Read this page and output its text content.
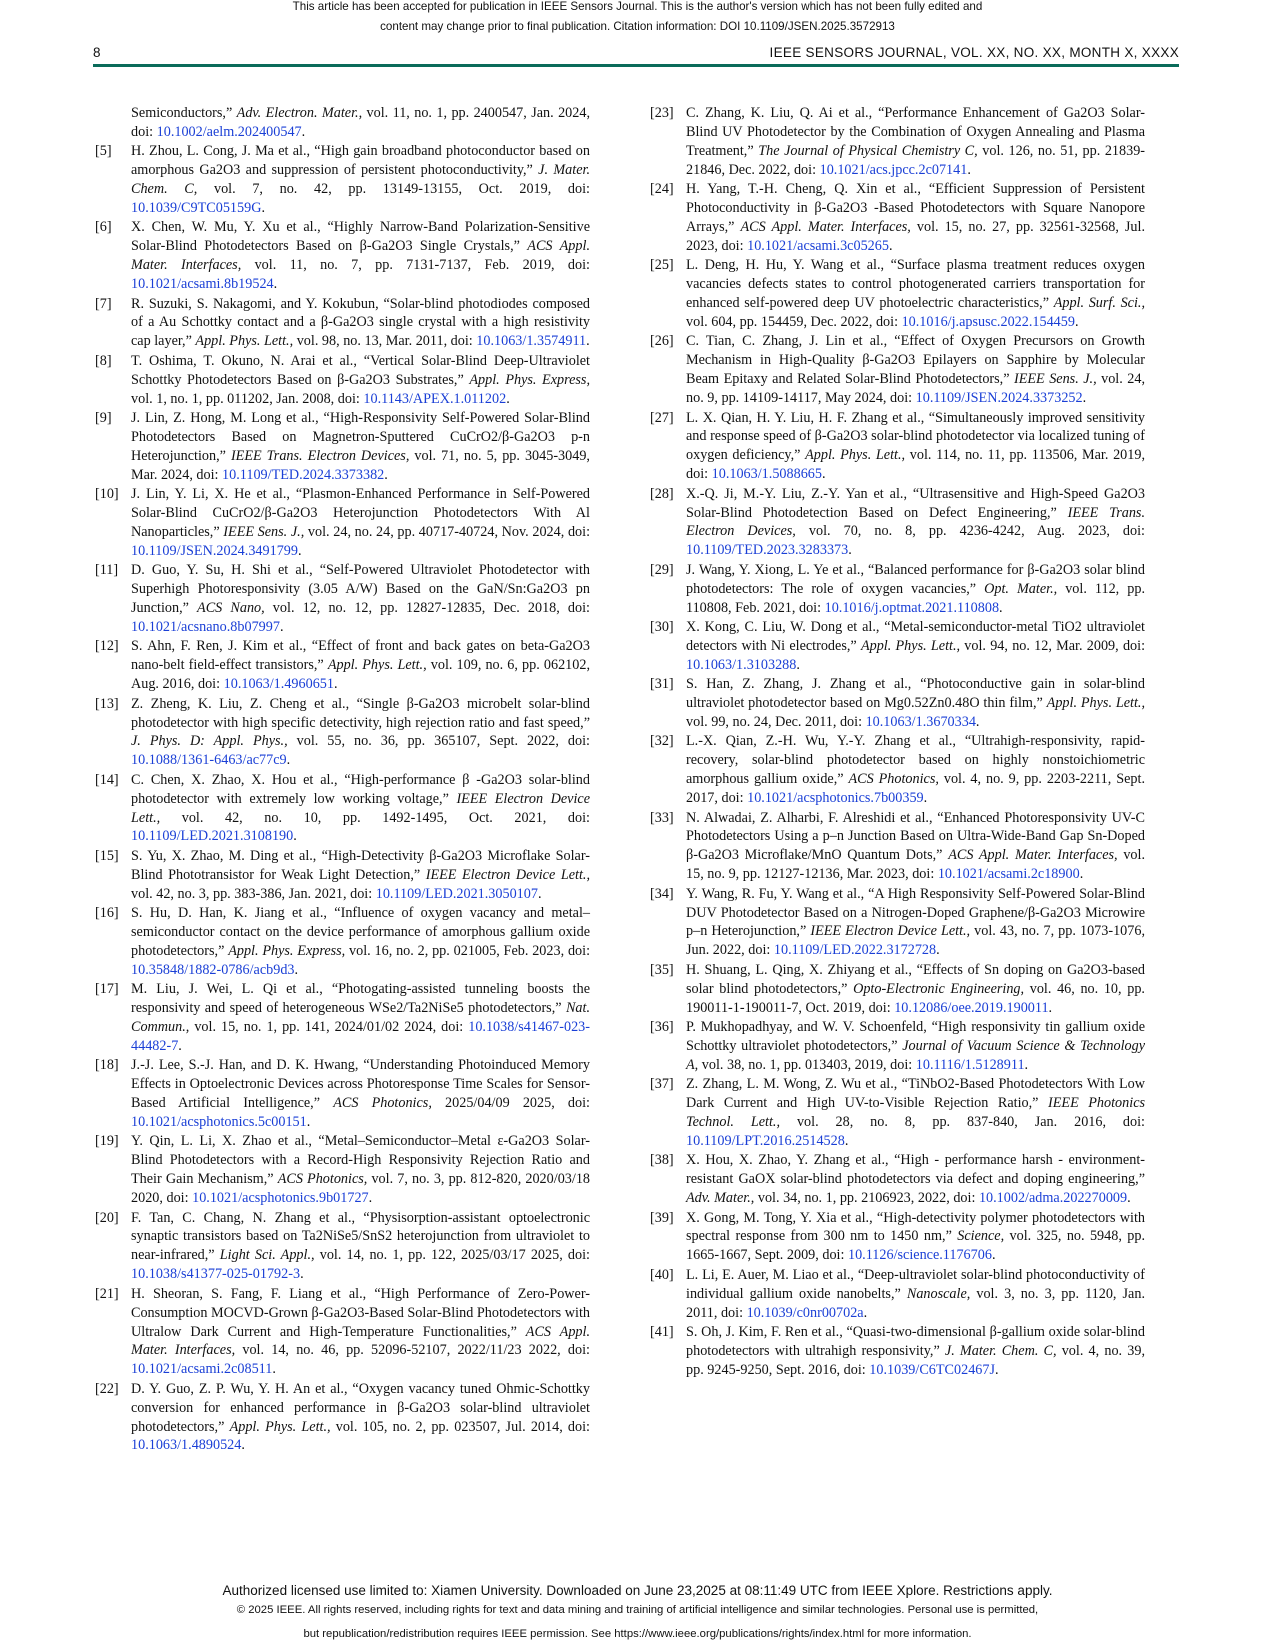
This article has been accepted for publication in IEEE Sensors Journal. This is the author's version which has not been fully edited and
content may change prior to final publication. Citation information: DOI 10.1109/JSEN.2025.3572913
8	IEEE SENSORS JOURNAL, VOL. XX, NO. XX, MONTH X, XXXX
Semiconductors,” Adv. Electron. Mater., vol. 11, no. 1, pp. 2400547, Jan. 2024, doi: 10.1002/aelm.202400547.
[5] H. Zhou, L. Cong, J. Ma et al., “High gain broadband photoconductor based on amorphous Ga2O3 and suppression of persistent photoconductivity,” J. Mater. Chem. C, vol. 7, no. 42, pp. 13149-13155, Oct. 2019, doi: 10.1039/C9TC05159G.
[6] X. Chen, W. Mu, Y. Xu et al., “Highly Narrow-Band Polarization-Sensitive Solar-Blind Photodetectors Based on β-Ga2O3 Single Crystals,” ACS Appl. Mater. Interfaces, vol. 11, no. 7, pp. 7131-7137, Feb. 2019, doi: 10.1021/acsami.8b19524.
[7] R. Suzuki, S. Nakagomi, and Y. Kokubun, “Solar-blind photodiodes composed of a Au Schottky contact and a β-Ga2O3 single crystal with a high resistivity cap layer,” Appl. Phys. Lett., vol. 98, no. 13, Mar. 2011, doi: 10.1063/1.3574911.
[8] T. Oshima, T. Okuno, N. Arai et al., “Vertical Solar-Blind Deep-Ultraviolet Schottky Photodetectors Based on β-Ga2O3 Substrates,” Appl. Phys. Express, vol. 1, no. 1, pp. 011202, Jan. 2008, doi: 10.1143/APEX.1.011202.
[9] J. Lin, Z. Hong, M. Long et al., “High-Responsivity Self-Powered Solar-Blind Photodetectors Based on Magnetron-Sputtered CuCrO2/β-Ga2O3 p-n Heterojunction,” IEEE Trans. Electron Devices, vol. 71, no. 5, pp. 3045-3049, Mar. 2024, doi: 10.1109/TED.2024.3373382.
[10] J. Lin, Y. Li, X. He et al., “Plasmon-Enhanced Performance in Self-Powered Solar-Blind CuCrO2/β-Ga2O3 Heterojunction Photodetectors With Al Nanoparticles,” IEEE Sens. J., vol. 24, no. 24, pp. 40717-40724, Nov. 2024, doi: 10.1109/JSEN.2024.3491799.
[11] D. Guo, Y. Su, H. Shi et al., “Self-Powered Ultraviolet Photodetector with Superhigh Photoresponsivity (3.05 A/W) Based on the GaN/Sn:Ga2O3 pn Junction,” ACS Nano, vol. 12, no. 12, pp. 12827-12835, Dec. 2018, doi: 10.1021/acsnano.8b07997.
[12] S. Ahn, F. Ren, J. Kim et al., “Effect of front and back gates on beta-Ga2O3 nano-belt field-effect transistors,” Appl. Phys. Lett., vol. 109, no. 6, pp. 062102, Aug. 2016, doi: 10.1063/1.4960651.
[13] Z. Zheng, K. Liu, Z. Cheng et al., “Single β-Ga2O3 microbelt solar-blind photodetector with high specific detectivity, high rejection ratio and fast speed,” J. Phys. D: Appl. Phys., vol. 55, no. 36, pp. 365107, Sept. 2022, doi: 10.1088/1361-6463/ac77c9.
[14] C. Chen, X. Zhao, X. Hou et al., “High-performance β -Ga2O3 solar-blind photodetector with extremely low working voltage,” IEEE Electron Device Lett., vol. 42, no. 10, pp. 1492-1495, Oct. 2021, doi: 10.1109/LED.2021.3108190.
[15] S. Yu, X. Zhao, M. Ding et al., “High-Detectivity β-Ga2O3 Microflake Solar-Blind Phototransistor for Weak Light Detection,” IEEE Electron Device Lett., vol. 42, no. 3, pp. 383-386, Jan. 2021, doi: 10.1109/LED.2021.3050107.
[16] S. Hu, D. Han, K. Jiang et al., “Influence of oxygen vacancy and metal–semiconductor contact on the device performance of amorphous gallium oxide photodetectors,” Appl. Phys. Express, vol. 16, no. 2, pp. 021005, Feb. 2023, doi: 10.35848/1882-0786/acb9d3.
[17] M. Liu, J. Wei, L. Qi et al., “Photogating-assisted tunneling boosts the responsivity and speed of heterogeneous WSe2/Ta2NiSe5 photodetectors,” Nat. Commun., vol. 15, no. 1, pp. 141, 2024/01/02 2024, doi: 10.1038/s41467-023-44482-7.
[18] J.-J. Lee, S.-J. Han, and D. K. Hwang, “Understanding Photoinduced Memory Effects in Optoelectronic Devices across Photoresponse Time Scales for Sensor-Based Artificial Intelligence,” ACS Photonics, 2025/04/09 2025, doi: 10.1021/acsphotonics.5c00151.
[19] Y. Qin, L. Li, X. Zhao et al., “Metal–Semiconductor–Metal ε-Ga2O3 Solar-Blind Photodetectors with a Record-High Responsivity Rejection Ratio and Their Gain Mechanism,” ACS Photonics, vol. 7, no. 3, pp. 812-820, 2020/03/18 2020, doi: 10.1021/acsphotonics.9b01727.
[20] F. Tan, C. Chang, N. Zhang et al., “Physisorption-assistant optoelectronic synaptic transistors based on Ta2NiSe5/SnS2 heterojunction from ultraviolet to near-infrared,” Light Sci. Appl., vol. 14, no. 1, pp. 122, 2025/03/17 2025, doi: 10.1038/s41377-025-01792-3.
[21] H. Sheoran, S. Fang, F. Liang et al., “High Performance of Zero-Power-Consumption MOCVD-Grown β-Ga2O3-Based Solar-Blind Photodetectors with Ultralow Dark Current and High-Temperature Functionalities,” ACS Appl. Mater. Interfaces, vol. 14, no. 46, pp. 52096-52107, 2022/11/23 2022, doi: 10.1021/acsami.2c08511.
[22] D. Y. Guo, Z. P. Wu, Y. H. An et al., “Oxygen vacancy tuned Ohmic-Schottky conversion for enhanced performance in β-Ga2O3 solar-blind ultraviolet photodetectors,” Appl. Phys. Lett., vol. 105, no. 2, pp. 023507, Jul. 2014, doi: 10.1063/1.4890524.
[23] C. Zhang, K. Liu, Q. Ai et al., “Performance Enhancement of Ga2O3 Solar-Blind UV Photodetector by the Combination of Oxygen Annealing and Plasma Treatment,” The Journal of Physical Chemistry C, vol. 126, no. 51, pp. 21839-21846, Dec. 2022, doi: 10.1021/acs.jpcc.2c07141.
[24] H. Yang, T.-H. Cheng, Q. Xin et al., “Efficient Suppression of Persistent Photoconductivity in β-Ga2O3 -Based Photodetectors with Square Nanopore Arrays,” ACS Appl. Mater. Interfaces, vol. 15, no. 27, pp. 32561-32568, Jul. 2023, doi: 10.1021/acsami.3c05265.
[25] L. Deng, H. Hu, Y. Wang et al., “Surface plasma treatment reduces oxygen vacancies defects states to control photogenerated carriers transportation for enhanced self-powered deep UV photoelectric characteristics,” Appl. Surf. Sci., vol. 604, pp. 154459, Dec. 2022, doi: 10.1016/j.apsusc.2022.154459.
[26] C. Tian, C. Zhang, J. Lin et al., “Effect of Oxygen Precursors on Growth Mechanism in High-Quality β-Ga2O3 Epilayers on Sapphire by Molecular Beam Epitaxy and Related Solar-Blind Photodetectors,” IEEE Sens. J., vol. 24, no. 9, pp. 14109-14117, May 2024, doi: 10.1109/JSEN.2024.3373252.
[27] L. X. Qian, H. Y. Liu, H. F. Zhang et al., “Simultaneously improved sensitivity and response speed of β-Ga2O3 solar-blind photodetector via localized tuning of oxygen deficiency,” Appl. Phys. Lett., vol. 114, no. 11, pp. 113506, Mar. 2019, doi: 10.1063/1.5088665.
[28] X.-Q. Ji, M.-Y. Liu, Z.-Y. Yan et al., “Ultrasensitive and High-Speed Ga2O3 Solar-Blind Photodetection Based on Defect Engineering,” IEEE Trans. Electron Devices, vol. 70, no. 8, pp. 4236-4242, Aug. 2023, doi: 10.1109/TED.2023.3283373.
[29] J. Wang, Y. Xiong, L. Ye et al., “Balanced performance for β-Ga2O3 solar blind photodetectors: The role of oxygen vacancies,” Opt. Mater., vol. 112, pp. 110808, Feb. 2021, doi: 10.1016/j.optmat.2021.110808.
[30] X. Kong, C. Liu, W. Dong et al., “Metal-semiconductor-metal TiO2 ultraviolet detectors with Ni electrodes,” Appl. Phys. Lett., vol. 94, no. 12, Mar. 2009, doi: 10.1063/1.3103288.
[31] S. Han, Z. Zhang, J. Zhang et al., “Photoconductive gain in solar-blind ultraviolet photodetector based on Mg0.52Zn0.48O thin film,” Appl. Phys. Lett., vol. 99, no. 24, Dec. 2011, doi: 10.1063/1.3670334.
[32] L.-X. Qian, Z.-H. Wu, Y.-Y. Zhang et al., “Ultrahigh-responsivity, rapid-recovery, solar-blind photodetector based on highly nonstoichiometric amorphous gallium oxide,” ACS Photonics, vol. 4, no. 9, pp. 2203-2211, Sept. 2017, doi: 10.1021/acsphotonics.7b00359.
[33] N. Alwadai, Z. Alharbi, F. Alreshidi et al., “Enhanced Photoresponsivity UV-C Photodetectors Using a p–n Junction Based on Ultra-Wide-Band Gap Sn-Doped β-Ga2O3 Microflake/MnO Quantum Dots,” ACS Appl. Mater. Interfaces, vol. 15, no. 9, pp. 12127-12136, Mar. 2023, doi: 10.1021/acsami.2c18900.
[34] Y. Wang, R. Fu, Y. Wang et al., “A High Responsivity Self-Powered Solar-Blind DUV Photodetector Based on a Nitrogen-Doped Graphene/β-Ga2O3 Microwire p–n Heterojunction,” IEEE Electron Device Lett., vol. 43, no. 7, pp. 1073-1076, Jun. 2022, doi: 10.1109/LED.2022.3172728.
[35] H. Shuang, L. Qing, X. Zhiyang et al., “Effects of Sn doping on Ga2O3-based solar blind photodetectors,” Opto-Electronic Engineering, vol. 46, no. 10, pp. 190011-1-190011-7, Oct. 2019, doi: 10.12086/oee.2019.190011.
[36] P. Mukhopadhyay, and W. V. Schoenfeld, “High responsivity tin gallium oxide Schottky ultraviolet photodetectors,” Journal of Vacuum Science & Technology A, vol. 38, no. 1, pp. 013403, 2019, doi: 10.1116/1.5128911.
[37] Z. Zhang, L. M. Wong, Z. Wu et al., “TiNbO2-Based Photodetectors With Low Dark Current and High UV-to-Visible Rejection Ratio,” IEEE Photonics Technol. Lett., vol. 28, no. 8, pp. 837-840, Jan. 2016, doi: 10.1109/LPT.2016.2514528.
[38] X. Hou, X. Zhao, Y. Zhang et al., “High - performance harsh - environment-resistant GaOX solar-blind photodetectors via defect and doping engineering,” Adv. Mater., vol. 34, no. 1, pp. 2106923, 2022, doi: 10.1002/adma.202270009.
[39] X. Gong, M. Tong, Y. Xia et al., “High-detectivity polymer photodetectors with spectral response from 300 nm to 1450 nm,” Science, vol. 325, no. 5948, pp. 1665-1667, Sept. 2009, doi: 10.1126/science.1176706.
[40] L. Li, E. Auer, M. Liao et al., “Deep-ultraviolet solar-blind photoconductivity of individual gallium oxide nanobelts,” Nanoscale, vol. 3, no. 3, pp. 1120, Jan. 2011, doi: 10.1039/c0nr00702a.
[41] S. Oh, J. Kim, F. Ren et al., “Quasi-two-dimensional β-gallium oxide solar-blind photodetectors with ultrahigh responsivity,” J. Mater. Chem. C, vol. 4, no. 39, pp. 9245-9250, Sept. 2016, doi: 10.1039/C6TC02467J.
Authorized licensed use limited to: Xiamen University. Downloaded on June 23,2025 at 08:11:49 UTC from IEEE Xplore. Restrictions apply.
© 2025 IEEE. All rights reserved, including rights for text and data mining and training of artificial intelligence and similar technologies. Personal use is permitted,
but republication/redistribution requires IEEE permission. See https://www.ieee.org/publications/rights/index.html for more information.
